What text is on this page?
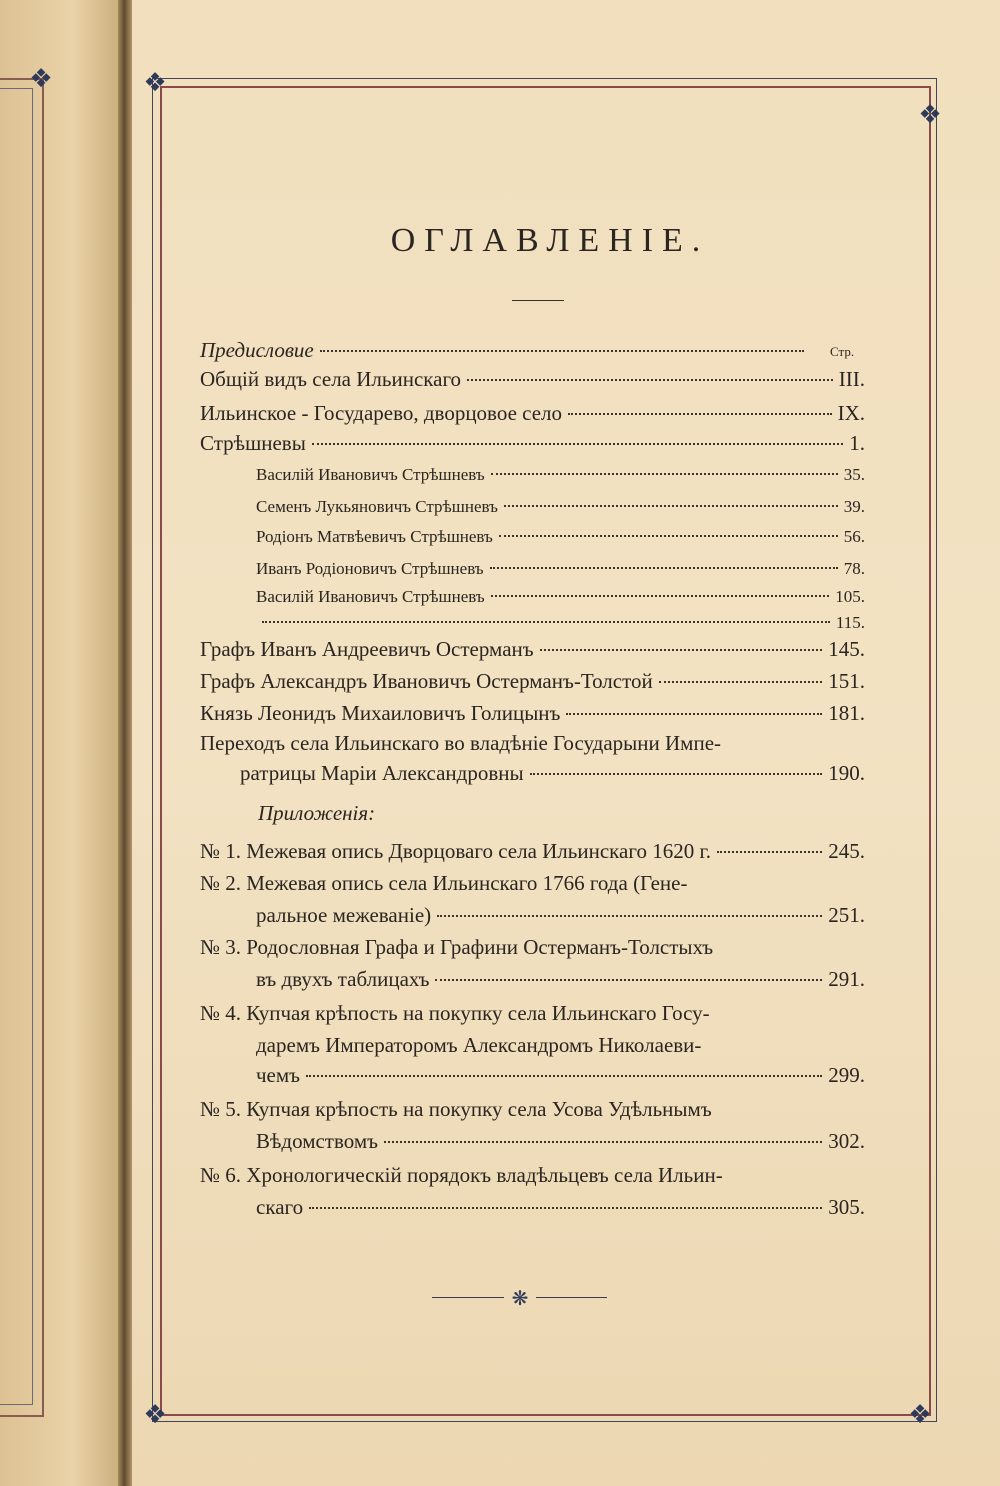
❖	❖
❖
❖	❖
ОГЛАВЛЕНIЕ.
Стр.
Предисловие
Общiй видъ села Ильинскаго	III.
Ильинское - Государево, дворцовое село	IX.
Стрѣшневы	1.
Василiй Ивановичъ Стрѣшневъ	35.
Семенъ Лукьяновичъ Стрѣшневъ	39.
Родiонъ Матвѣевичъ Стрѣшневъ	56.
Иванъ Родiоновичъ Стрѣшневъ	78.
Василiй Ивановичъ Стрѣшневъ	105.
115.
Графъ Иванъ Андреевичъ Остерманъ	145.
Графъ Александръ Ивановичъ Остерманъ-Толстой	151.
Князь Леонидъ Михаиловичъ Голицынъ	181.
Переходъ села Ильинскаго во владѣнiе Государыни Импе-
ратрицы Марiи Александровны	190.
Приложенiя:
№ 1. Межевая опись Дворцоваго села Ильинскаго 1620 г.	245.
№ 2. Межевая опись села Ильинскаго 1766 года (Гене-
ральное межеванiе)	251.
№ 3. Родословная Графа и Графини Остерманъ-Толстыхъ
въ двухъ таблицахъ	291.
№ 4. Купчая крѣпость на покупку села Ильинскаго Госу-
даремъ Императоромъ Александромъ Николаеви-
чемъ	299.
№ 5. Купчая крѣпость на покупку села Усова Удѣльнымъ
Вѣдомствомъ	302.
№ 6. Хронологическiй порядокъ владѣльцевъ села Ильин-
скаго	305.
❋
